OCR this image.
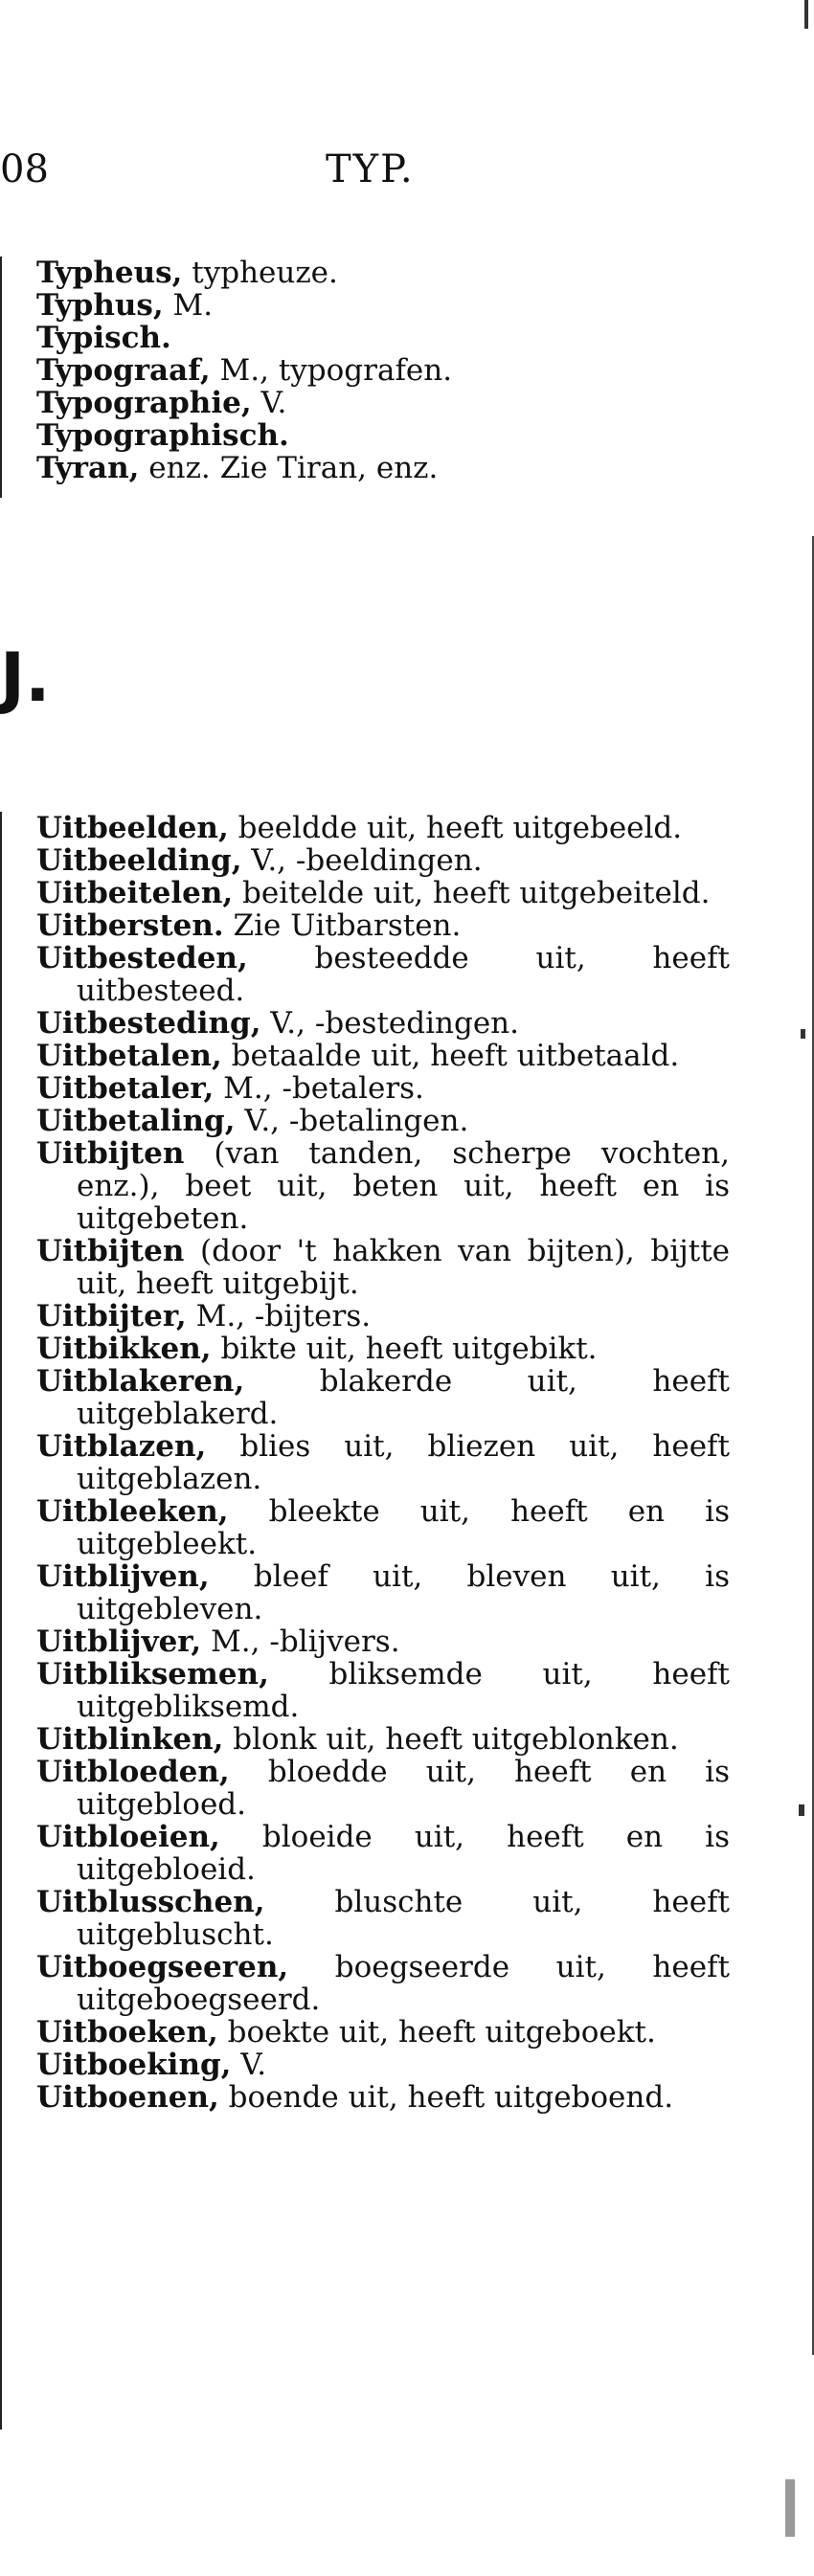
08	TYP.

Typheus, typheuze.

Typhus, M.

Typisch.

Typograaf, M., typografen.

Typographie, V.

Typographisch.

Tyran, enz. Zie Tiran, enz.

J.

Uitbeelden, beeldde uit, heeft uitgebeeld.

Uitbeelding, V., -beeldingen.

Uitbeitelen, beitelde uit, heeft uitgebeiteld.

Uitbersten. Zie Uitbarsten.

Uitbesteden, besteedde uit, heeft uitbesteed.

Uitbesteding, V., -bestedingen.

Uitbetalen, betaalde uit, heeft uitbetaald.

Uitbetaler, M., -betalers.

Uitbetaling, V., -betalingen.

Uitbijten (van tanden, scherpe vochten, enz.), beet uit, beten uit, heeft en is uitgebeten.

Uitbijten (door 't hakken van bijten), bijtte uit, heeft uitgebijt.

Uitbijter, M., -bijters.

Uitbikken, bikte uit, heeft uitgebikt.

Uitblakeren, blakerde uit, heeft uitgeblakerd.

Uitblazen, blies uit, bliezen uit, heeft uitgeblazen.

Uitbleeken, bleekte uit, heeft en is uitgebleekt.

Uitblijven, bleef uit, bleven uit, is uitgebleven.

Uitblijver, M., -blijvers.

Uitbliksemen, bliksemde uit, heeft uitgebliksemd.

Uitblinken, blonk uit, heeft uitgeblonken.

Uitbloeden, bloedde uit, heeft en is uitgebloed.

Uitbloeien, bloeide uit, heeft en is uitgebloeid.

Uitblusschen, bluschte uit, heeft uitgebluscht.

Uitboegseeren, boegseerde uit, heeft uitgeboegseerd.

Uitboeken, boekte uit, heeft uitgeboekt.

Uitboeking, V.

Uitboenen, boende uit, heeft uitgeboend.
